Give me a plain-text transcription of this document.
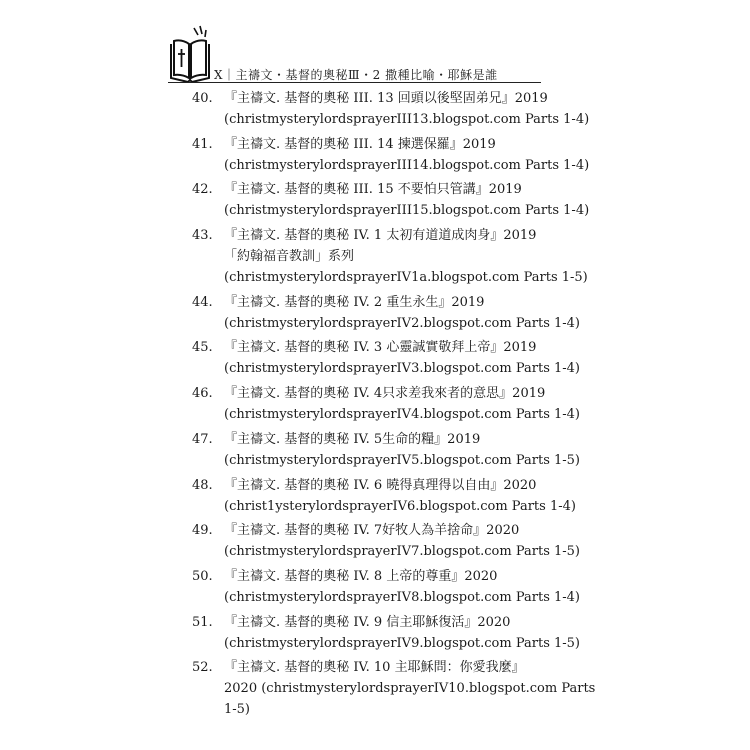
X｜主禱文・基督的奧秘Ⅲ・2 撒種比喻・耶穌是誰
40. 『主禱文. 基督的奧秘 III. 13 回頭以後堅固弟兄』2019
(christmysterylordsprayerIII13.blogspot.com Parts 1-4)
41. 『主禱文. 基督的奧秘 III. 14 揀選保羅』2019
(christmysterylordsprayerIII14.blogspot.com Parts 1-4)
42. 『主禱文. 基督的奧秘 III. 15 不要怕只管講』2019
(christmysterylordsprayerIII15.blogspot.com Parts 1-4)
43. 『主禱文. 基督的奧秘 IV. 1 太初有道道成肉身』2019
「約翰福音教訓」系列
(christmysterylordsprayerIV1a.blogspot.com Parts 1-5)
44. 『主禱文. 基督的奧秘 IV. 2 重生永生』2019
(christmysterylordsprayerIV2.blogspot.com Parts 1-4)
45. 『主禱文. 基督的奧秘 IV. 3 心靈誠實敬拜上帝』2019
(christmysterylordsprayerIV3.blogspot.com Parts 1-4)
46. 『主禱文. 基督的奧秘 IV. 4只求差我來者的意思』2019
(christmysterylordsprayerIV4.blogspot.com Parts 1-4)
47. 『主禱文. 基督的奧秘 IV. 5生命的糧』2019
(christmysterylordsprayerIV5.blogspot.com Parts 1-5)
48. 『主禱文. 基督的奧秘 IV. 6 曉得真理得以自由』2020
(christ1ysterylordsprayerIV6.blogspot.com Parts 1-4)
49. 『主禱文. 基督的奧秘 IV. 7好牧人為羊捨命』2020
(christmysterylordsprayerIV7.blogspot.com Parts 1-5)
50. 『主禱文. 基督的奧秘 IV. 8 上帝的尊重』2020
(christmysterylordsprayerIV8.blogspot.com Parts 1-4)
51. 『主禱文. 基督的奧秘 IV. 9 信主耶穌復活』2020
(christmysterylordsprayerIV9.blogspot.com Parts 1-5)
52. 『主禱文. 基督的奧秘 IV. 10 主耶穌問：你愛我麼』
2020 (christmysterylordsprayerIV10.blogspot.com Parts
1-5)
